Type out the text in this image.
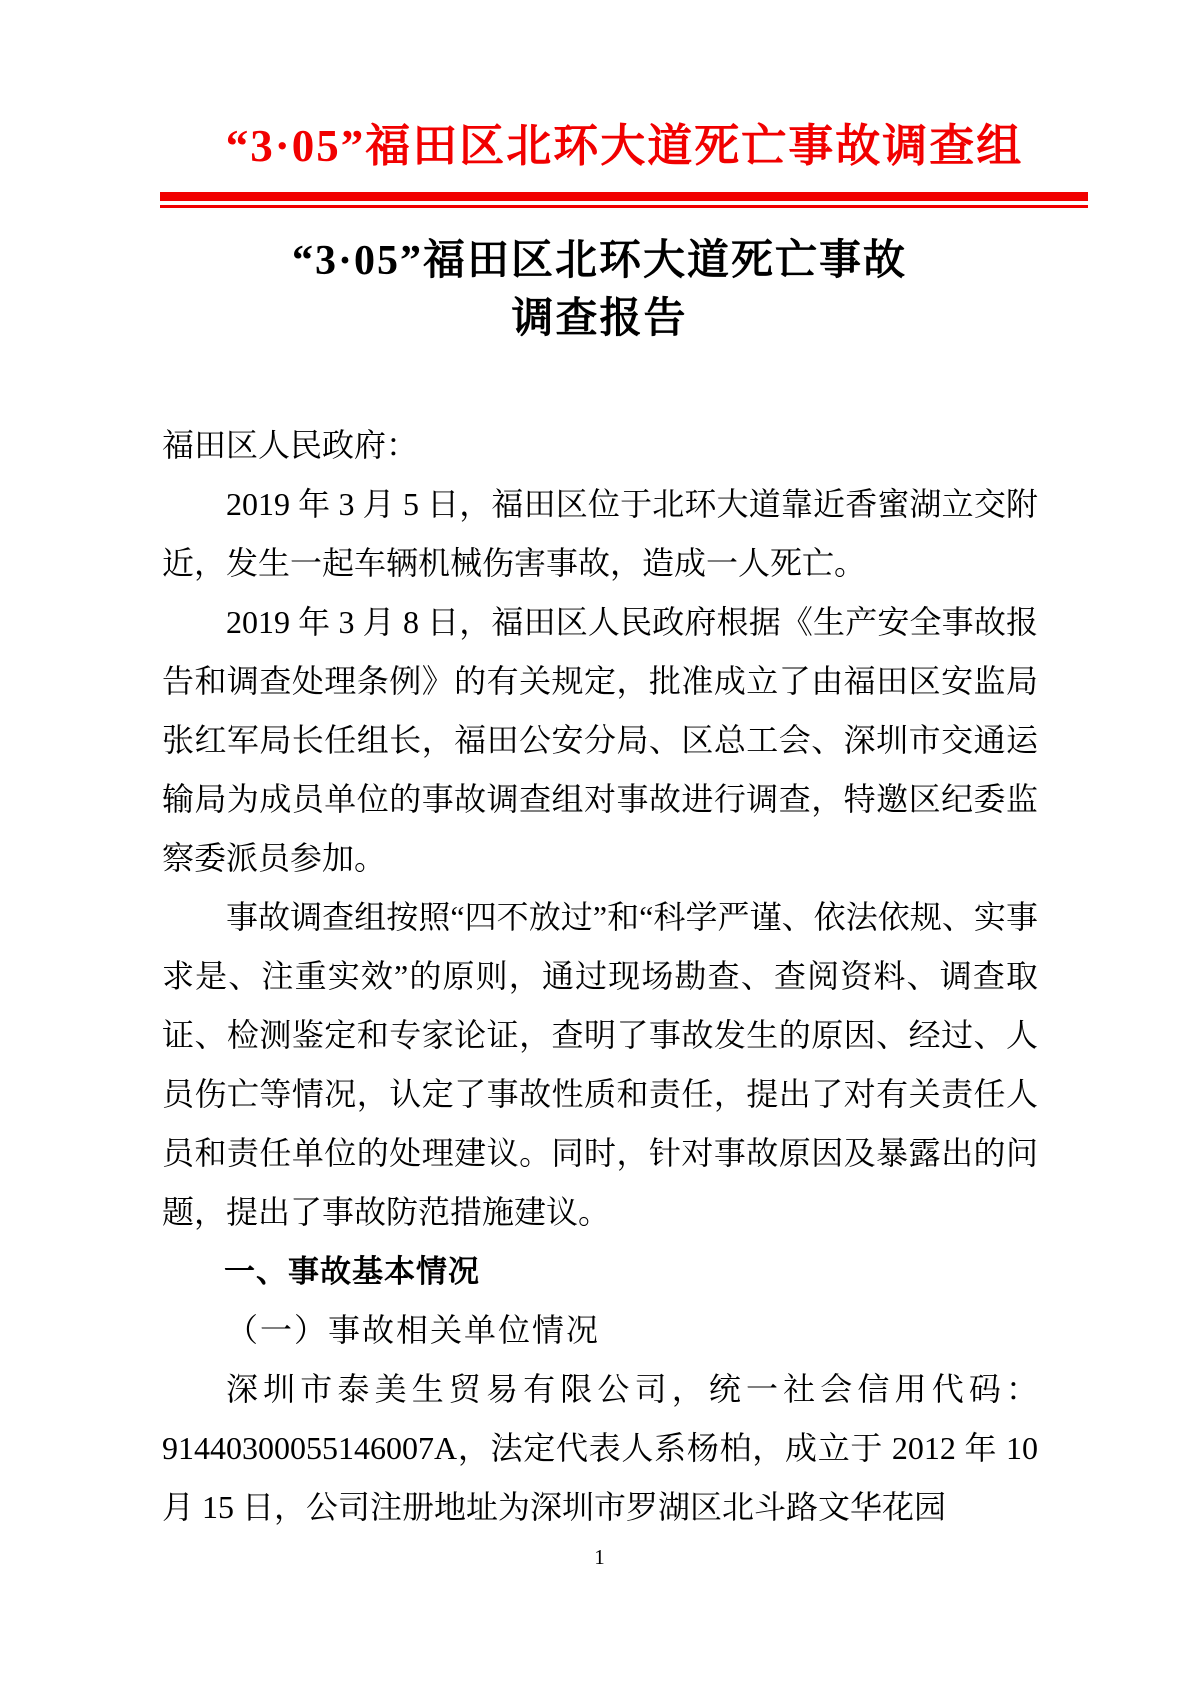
“3·05”福田区北环大道死亡事故调查组
“3·05”福田区北环大道死亡事故
调查报告

福田区人民政府：

2019 年 3 月 5 日，福田区位于北环大道靠近香蜜湖立交附近，发生一起车辆机械伤害事故，造成一人死亡。

2019 年 3 月 8 日，福田区人民政府根据《生产安全事故报告和调查处理条例》的有关规定，批准成立了由福田区安监局张红军局长任组长，福田公安分局、区总工会、深圳市交通运输局为成员单位的事故调查组对事故进行调查，特邀区纪委监察委派员参加。

事故调查组按照“四不放过”和“科学严谨、依法依规、实事求是、注重实效”的原则，通过现场勘查、查阅资料、调查取证、检测鉴定和专家论证，查明了事故发生的原因、经过、人员伤亡等情况，认定了事故性质和责任，提出了对有关责任人员和责任单位的处理建议。同时，针对事故原因及暴露出的问题，提出了事故防范措施建议。

一、事故基本情况
（一）事故相关单位情况

深圳市泰美生贸易有限公司，统一社会信用代码：91440300055146007A，法定代表人系杨柏，成立于 2012 年 10 月 15 日，公司注册地址为深圳市罗湖区北斗路文华花园

1
